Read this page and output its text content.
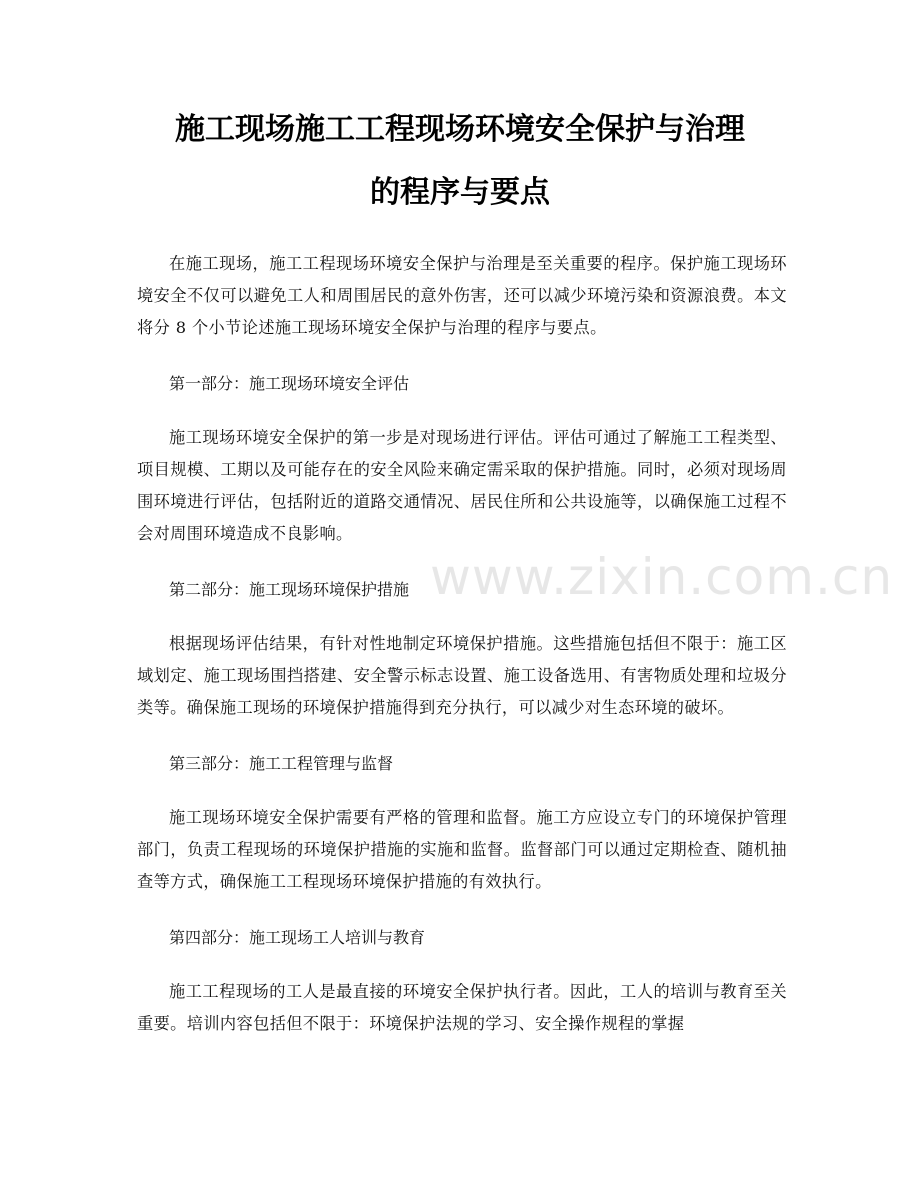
施工现场施工工程现场环境安全保护与治理
的程序与要点

在施工现场，施工工程现场环境安全保护与治理是至关重要的程序。保护施工现场环境安全不仅可以避免工人和周围居民的意外伤害，还可以减少环境污染和资源浪费。本文将分 8 个小节论述施工现场环境安全保护与治理的程序与要点。

第一部分：施工现场环境安全评估

施工现场环境安全保护的第一步是对现场进行评估。评估可通过了解施工工程类型、项目规模、工期以及可能存在的安全风险来确定需采取的保护措施。同时，必须对现场周围环境进行评估，包括附近的道路交通情况、居民住所和公共设施等，以确保施工过程不会对周围环境造成不良影响。

第二部分：施工现场环境保护措施

根据现场评估结果，有针对性地制定环境保护措施。这些措施包括但不限于：施工区域划定、施工现场围挡搭建、安全警示标志设置、施工设备选用、有害物质处理和垃圾分类等。确保施工现场的环境保护措施得到充分执行，可以减少对生态环境的破坏。

第三部分：施工工程管理与监督

施工现场环境安全保护需要有严格的管理和监督。施工方应设立专门的环境保护管理部门，负责工程现场的环境保护措施的实施和监督。监督部门可以通过定期检查、随机抽查等方式，确保施工工程现场环境保护措施的有效执行。

第四部分：施工现场工人培训与教育

施工工程现场的工人是最直接的环境安全保护执行者。因此，工人的培训与教育至关重要。培训内容包括但不限于：环境保护法规的学习、安全操作规程的掌握

www.zixin.com.cn
